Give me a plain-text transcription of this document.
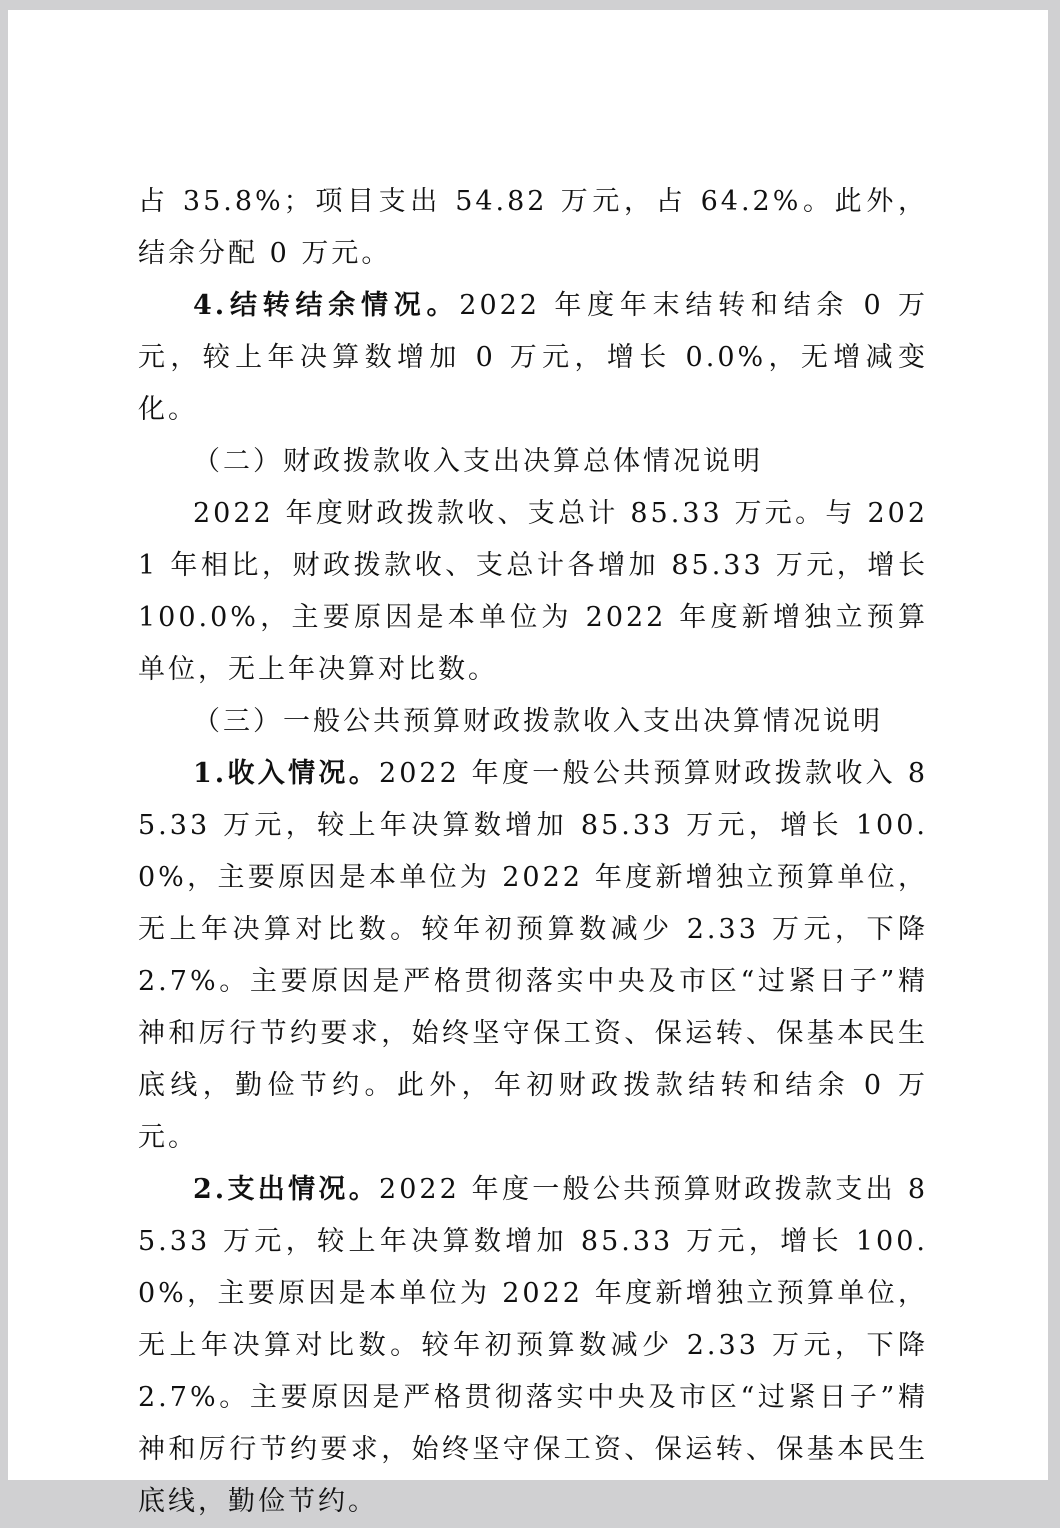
占 35.8%；项目支出 54.82 万元，占 64.2%。此外，结余分配 0 万元。

4.结转结余情况。2022 年度年末结转和结余 0 万元，较上年决算数增加 0 万元，增长 0.0%，无增减变化。

（二）财政拨款收入支出决算总体情况说明

2022 年度财政拨款收、支总计 85.33 万元。与 2021 年相比，财政拨款收、支总计各增加 85.33 万元，增长 100.0%，主要原因是本单位为 2022 年度新增独立预算单位，无上年决算对比数。

（三）一般公共预算财政拨款收入支出决算情况说明

1.收入情况。2022 年度一般公共预算财政拨款收入 85.33 万元，较上年决算数增加 85.33 万元，增长 100.0%，主要原因是本单位为 2022 年度新增独立预算单位，无上年决算对比数。较年初预算数减少 2.33 万元，下降 2.7%。主要原因是严格贯彻落实中央及市区“过紧日子”精神和厉行节约要求，始终坚守保工资、保运转、保基本民生底线，勤俭节约。此外，年初财政拨款结转和结余 0 万元。

2.支出情况。2022 年度一般公共预算财政拨款支出 85.33 万元，较上年决算数增加 85.33 万元，增长 100.0%，主要原因是本单位为 2022 年度新增独立预算单位，无上年决算对比数。较年初预算数减少 2.33 万元，下降 2.7%。主要原因是严格贯彻落实中央及市区“过紧日子”精神和厉行节约要求，始终坚守保工资、保运转、保基本民生底线，勤俭节约。
